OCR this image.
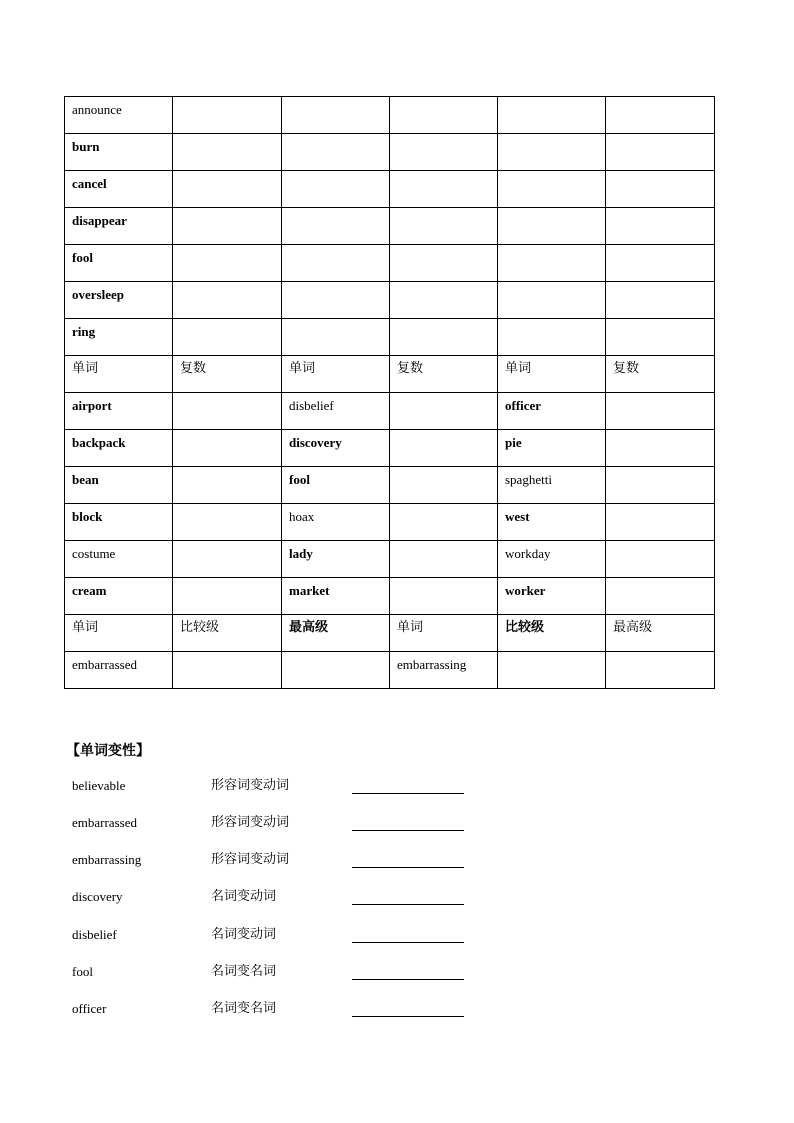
announce					
burn					
cancel					
disappear					
fool					
oversleep					
ring					
单词	复数	单词	复数	单词	复数
airport		disbelief		officer	
backpack		discovery		pie	
bean		fool		spaghetti	
block		hoax		west	
costume		lady		workday	
cream		market		worker	
单词	比较级	最高级	单词	比较级	最高级
embarrassed			embarrassing		
【单词变性】
believable	形容词变动词
embarrassed	形容词变动词
embarrassing	形容词变动词
discovery	名词变动词
disbelief	名词变动词
fool	名词变名词
officer	名词变名词
